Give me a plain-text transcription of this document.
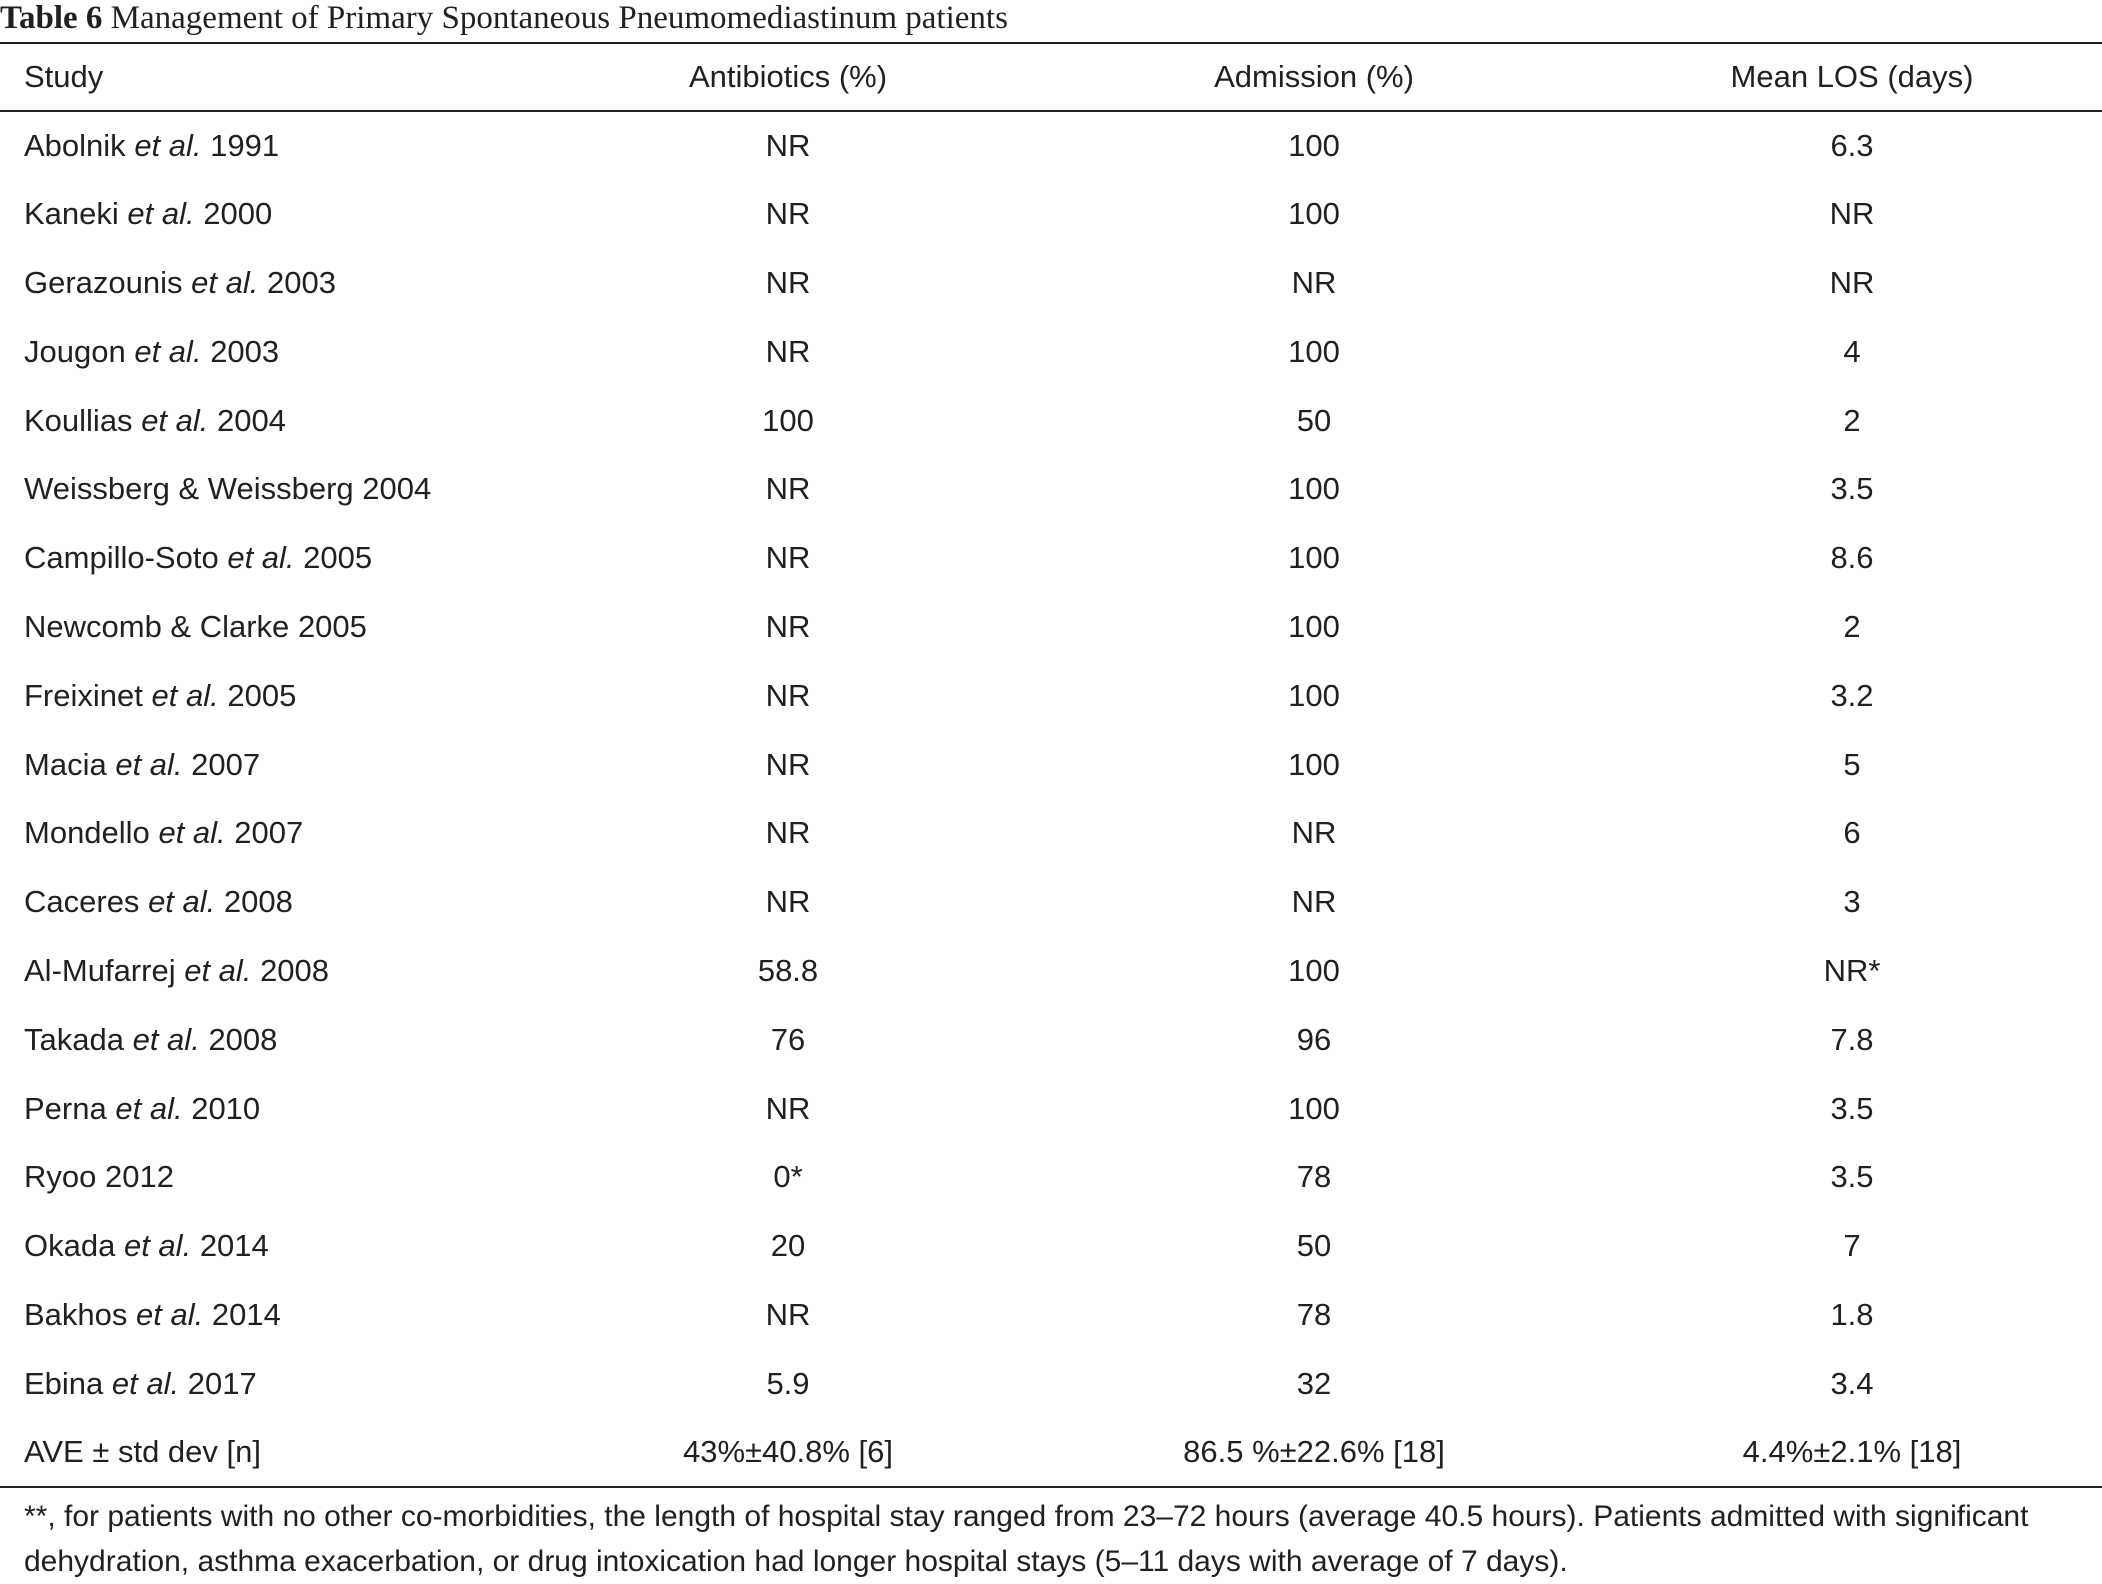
Table 6 Management of Primary Spontaneous Pneumomediastinum patients
Study	Antibiotics (%)	Admission (%)	Mean LOS (days)
Abolnik et al. 1991	NR	100	6.3
Kaneki et al. 2000	NR	100	NR
Gerazounis et al. 2003	NR	NR	NR
Jougon et al. 2003	NR	100	4
Koullias et al. 2004	100	50	2
Weissberg & Weissberg 2004	NR	100	3.5
Campillo-Soto et al. 2005	NR	100	8.6
Newcomb & Clarke 2005	NR	100	2
Freixinet et al. 2005	NR	100	3.2
Macia et al. 2007	NR	100	5
Mondello et al. 2007	NR	NR	6
Caceres et al. 2008	NR	NR	3
Al-Mufarrej et al. 2008	58.8	100	NR*
Takada et al. 2008	76	96	7.8
Perna et al. 2010	NR	100	3.5
Ryoo 2012	0*	78	3.5
Okada et al. 2014	20	50	7
Bakhos et al. 2014	NR	78	1.8
Ebina et al. 2017	5.9	32	3.4
AVE ± std dev [n]	43%±40.8% [6]	86.5 %±22.6% [18]	4.4%±2.1% [18]
**, for patients with no other co-morbidities, the length of hospital stay ranged from 23–72 hours (average 40.5 hours). Patients admitted with significant dehydration, asthma exacerbation, or drug intoxication had longer hospital stays (5–11 days with average of 7 days).
